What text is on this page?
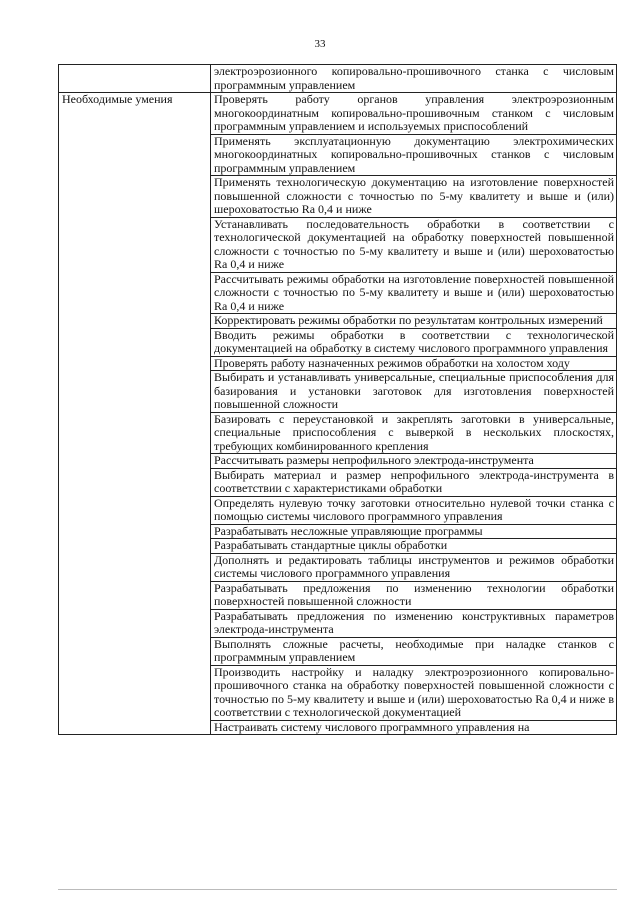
33
	электроэрозионного копировально-прошивочного станка с числовым программным управлением
Необходимые умения	Проверять работу органов управления электроэрозионным многокоординатным копировально-прошивочным станком с числовым программным управлением и используемых приспособлений
	Применять эксплуатационную документацию электрохимических многокоординатных копировально-прошивочных станков с числовым программным управлением
	Применять технологическую документацию на изготовление поверхностей повышенной сложности с точностью по 5-му квалитету и выше и (или) шероховатостью Ra 0,4 и ниже
	Устанавливать последовательность обработки в соответствии с технологической документацией на обработку поверхностей повышенной сложности с точностью по 5-му квалитету и выше и (или) шероховатостью Ra 0,4 и ниже
	Рассчитывать режимы обработки на изготовление поверхностей повышенной сложности с точностью по 5-му квалитету и выше и (или) шероховатостью Ra 0,4 и ниже
	Корректировать режимы обработки по результатам контрольных измерений
	Вводить режимы обработки в соответствии с технологической документацией на обработку в систему числового программного управления
	Проверять работу назначенных режимов обработки на холостом ходу
	Выбирать и устанавливать универсальные, специальные приспособления для базирования и установки заготовок для изготовления поверхностей повышенной сложности
	Базировать с переустановкой и закреплять заготовки в универсальные, специальные приспособления с выверкой в нескольких плоскостях, требующих комбинированного крепления
	Рассчитывать размеры непрофильного электрода-инструмента
	Выбирать материал и размер непрофильного электрода-инструмента в соответствии с характеристиками обработки
	Определять нулевую точку заготовки относительно нулевой точки станка с помощью системы числового программного управления
	Разрабатывать несложные управляющие программы
	Разрабатывать стандартные циклы обработки
	Дополнять и редактировать таблицы инструментов и режимов обработки системы числового программного управления
	Разрабатывать предложения по изменению технологии обработки поверхностей повышенной сложности
	Разрабатывать предложения по изменению конструктивных параметров электрода-инструмента
	Выполнять сложные расчеты, необходимые при наладке станков с программным управлением
	Производить настройку и наладку электроэрозионного копировально-прошивочного станка на обработку поверхностей повышенной сложности с точностью по 5-му квалитету и выше и (или) шероховатостью Ra 0,4 и ниже в соответствии с технологической документацией
	Настраивать систему числового программного управления на
